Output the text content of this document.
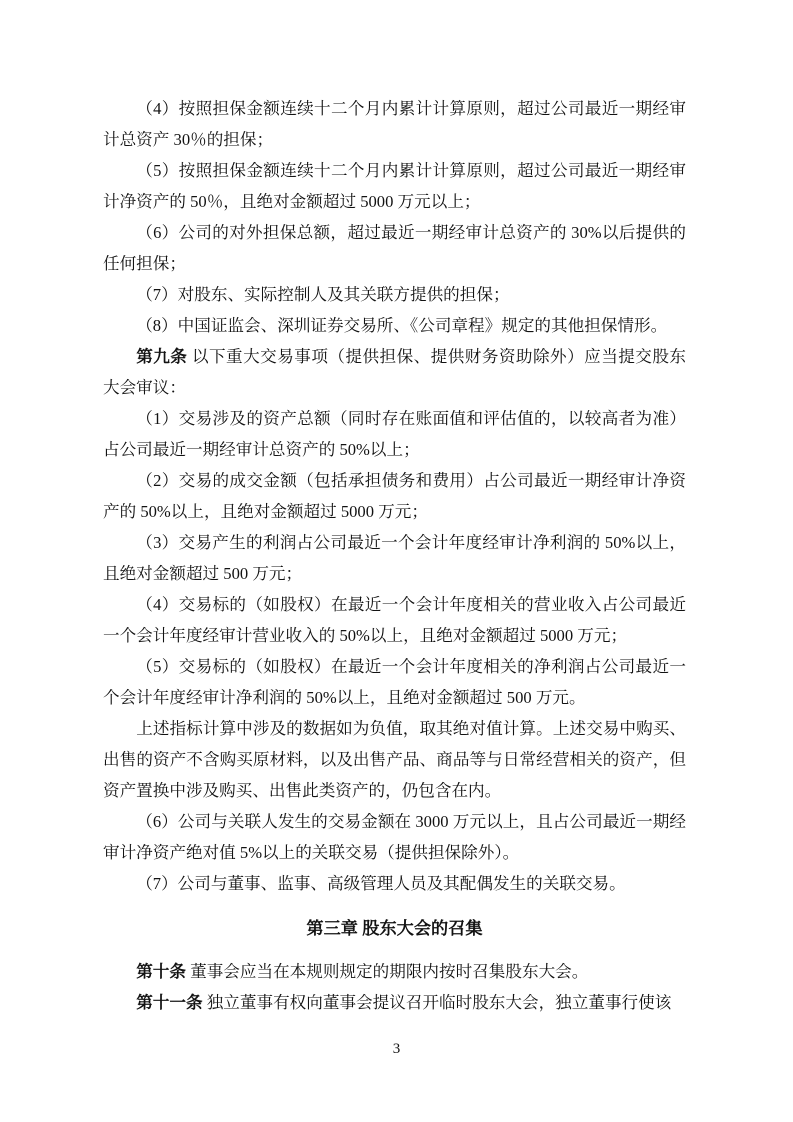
（4）按照担保金额连续十二个月内累计计算原则，超过公司最近一期经审计总资产 30％的担保；

（5）按照担保金额连续十二个月内累计计算原则，超过公司最近一期经审计净资产的 50％，且绝对金额超过 5000 万元以上；

（6）公司的对外担保总额，超过最近一期经审计总资产的 30%以后提供的任何担保；

（7）对股东、实际控制人及其关联方提供的担保；

（8）中国证监会、深圳证券交易所、《公司章程》规定的其他担保情形。

第九条 以下重大交易事项（提供担保、提供财务资助除外）应当提交股东大会审议：

（1）交易涉及的资产总额（同时存在账面值和评估值的，以较高者为准）占公司最近一期经审计总资产的 50%以上；

（2）交易的成交金额（包括承担债务和费用）占公司最近一期经审计净资产的 50%以上，且绝对金额超过 5000 万元；

（3）交易产生的利润占公司最近一个会计年度经审计净利润的 50%以上，且绝对金额超过 500 万元；

（4）交易标的（如股权）在最近一个会计年度相关的营业收入占公司最近一个会计年度经审计营业收入的 50%以上，且绝对金额超过 5000 万元；

（5）交易标的（如股权）在最近一个会计年度相关的净利润占公司最近一个会计年度经审计净利润的 50%以上，且绝对金额超过 500 万元。

上述指标计算中涉及的数据如为负值，取其绝对值计算。上述交易中购买、出售的资产不含购买原材料，以及出售产品、商品等与日常经营相关的资产，但资产置换中涉及购买、出售此类资产的，仍包含在内。

（6）公司与关联人发生的交易金额在 3000 万元以上，且占公司最近一期经审计净资产绝对值 5%以上的关联交易（提供担保除外）。

（7）公司与董事、监事、高级管理人员及其配偶发生的关联交易。

第三章 股东大会的召集

第十条 董事会应当在本规则规定的期限内按时召集股东大会。

第十一条 独立董事有权向董事会提议召开临时股东大会，独立董事行使该

3
